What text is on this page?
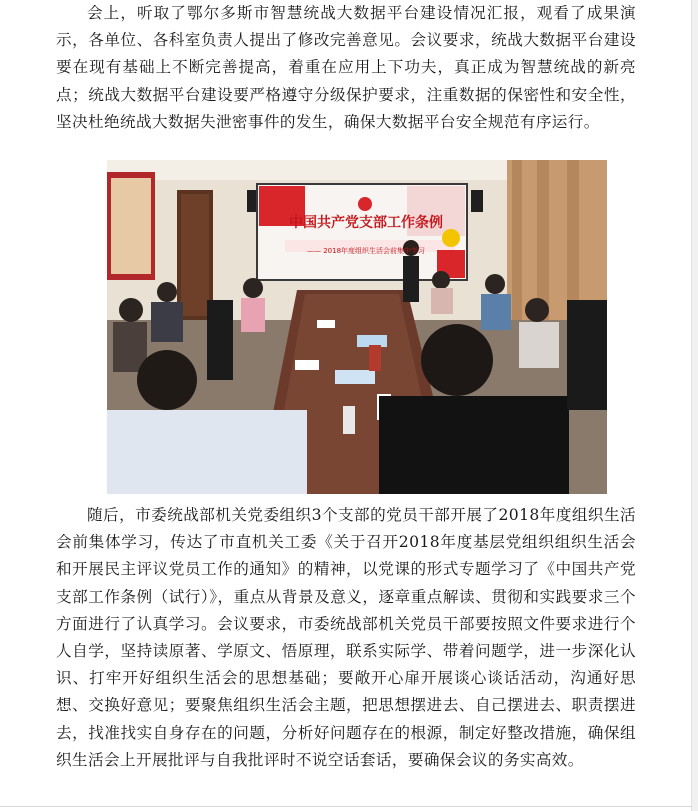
会上，听取了鄂尔多斯市智慧统战大数据平台建设情况汇报，观看了成果演示，各单位、各科室负责人提出了修改完善意见。会议要求，统战大数据平台建设要在现有基础上不断完善提高，着重在应用上下功夫，真正成为智慧统战的新亮点；统战大数据平台建设要严格遵守分级保护要求，注重数据的保密性和安全性，坚决杜绝统战大数据失泄密事件的发生，确保大数据平台安全规范有序运行。

中国共产党支部工作条例
—— 2018年度组织生活会前集中学习

随后，市委统战部机关党委组织3个支部的党员干部开展了2018年度组织生活会前集体学习，传达了市直机关工委《关于召开2018年度基层党组织组织生活会和开展民主评议党员工作的通知》的精神，以党课的形式专题学习了《中国共产党支部工作条例（试行）》，重点从背景及意义，逐章重点解读、贯彻和实践要求三个方面进行了认真学习。会议要求，市委统战部机关党员干部要按照文件要求进行个人自学，坚持读原著、学原文、悟原理，联系实际学、带着问题学，进一步深化认识、打牢开好组织生活会的思想基础；要敞开心扉开展谈心谈话活动，沟通好思想、交换好意见；要聚焦组织生活会主题，把思想摆进去、自己摆进去、职责摆进去，找准找实自身存在的问题，分析好问题存在的根源，制定好整改措施，确保组织生活会上开展批评与自我批评时不说空话套话，要确保会议的务实高效。
